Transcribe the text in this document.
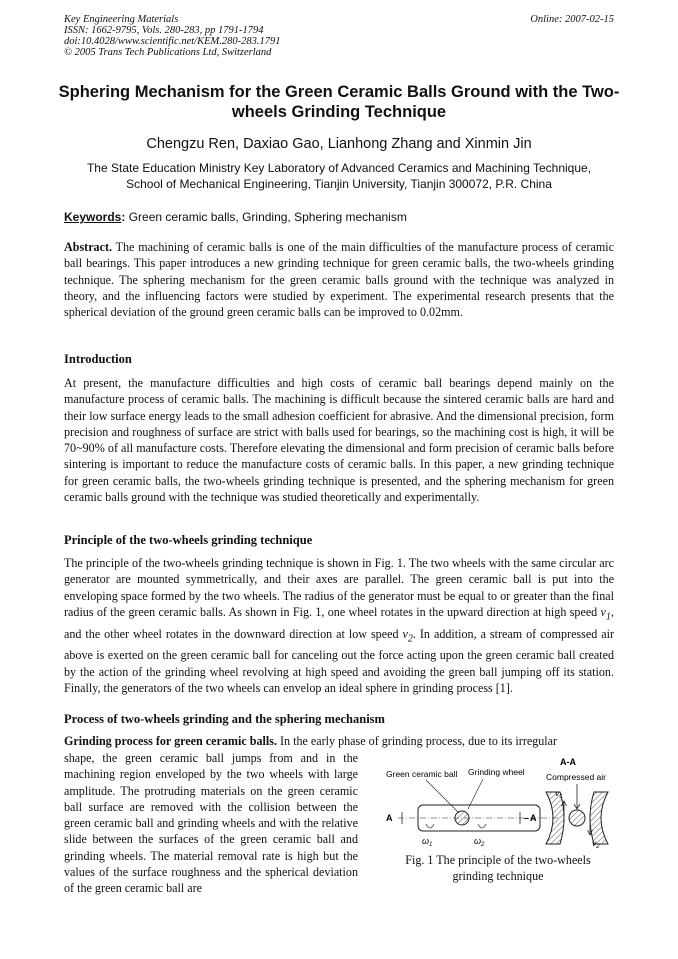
Key Engineering Materials
ISSN: 1662-9795, Vols. 280-283, pp 1791-1794
doi:10.4028/www.scientific.net/KEM.280-283.1791
© 2005 Trans Tech Publications Ltd, Switzerland
Online: 2007-02-15
Sphering Mechanism for the Green Ceramic Balls Ground with the Two-wheels Grinding Technique
Chengzu Ren, Daxiao Gao, Lianhong Zhang and Xinmin Jin
The State Education Ministry Key Laboratory of Advanced Ceramics and Machining Technique,
School of Mechanical Engineering, Tianjin University, Tianjin 300072, P.R. China
Keywords: Green ceramic balls, Grinding, Sphering mechanism

Abstract. The machining of ceramic balls is one of the main difficulties of the manufacture process of ceramic ball bearings. This paper introduces a new grinding technique for green ceramic balls, the two-wheels grinding technique. The sphering mechanism for the green ceramic balls ground with the technique was analyzed in theory, and the influencing factors were studied by experiment. The experimental research presents that the spherical deviation of the ground green ceramic balls can be improved to 0.02mm.

Introduction

At present, the manufacture difficulties and high costs of ceramic ball bearings depend mainly on the manufacture process of ceramic balls. The machining is difficult because the sintered ceramic balls are hard and their low surface energy leads to the small adhesion coefficient for abrasive. And the dimensional precision, form precision and roughness of surface are strict with balls used for bearings, so the machining cost is high, it will be 70~90% of all manufacture costs. Therefore elevating the dimensional and form precision of ceramic balls before sintering is important to reduce the manufacture costs of ceramic balls. In this paper, a new grinding technique for green ceramic balls, the two-wheels grinding technique is presented, and the sphering mechanism for green ceramic balls ground with the technique was studied theoretically and experimentally.

Principle of the two-wheels grinding technique

The principle of the two-wheels grinding technique is shown in Fig. 1. The two wheels with the same circular arc generator are mounted symmetrically, and their axes are parallel. The green ceramic ball is put into the enveloping space formed by the two wheels. The radius of the generator must be equal to or greater than the final radius of the green ceramic balls. As shown in Fig. 1, one wheel rotates in the upward direction at high speed $v_1$, and the other wheel rotates in the downward direction at low speed $v_2$. In addition, a stream of compressed air above is exerted on the green ceramic ball for canceling out the force acting upon the green ceramic ball created by the action of the grinding wheel revolving at high speed and avoiding the green ball jumping off its station. Finally, the generators of the two wheels can envelop an ideal sphere in grinding process [1].

Process of two-wheels grinding and the sphering mechanism

Grinding process for green ceramic balls. In the early phase of grinding process, due to its irregular

shape, the green ceramic ball jumps from and in the machining region enveloped by the two wheels with large amplitude. The protruding materials on the green ceramic ball surface are removed with the collision between the green ceramic ball and grinding wheels and with the relative slide between the surfaces of the green ceramic ball and grinding wheels. The material removal rate is high but the values of the surface roughness and the spherical deviation of the green ceramic ball are

Green ceramic ball Grinding wheel
A	– A
$\omega_1$	$\omega_2$
A-A
Compressed air
$v_1$
$v_2$
Fig. 1 The principle of the two-wheels
grinding technique
